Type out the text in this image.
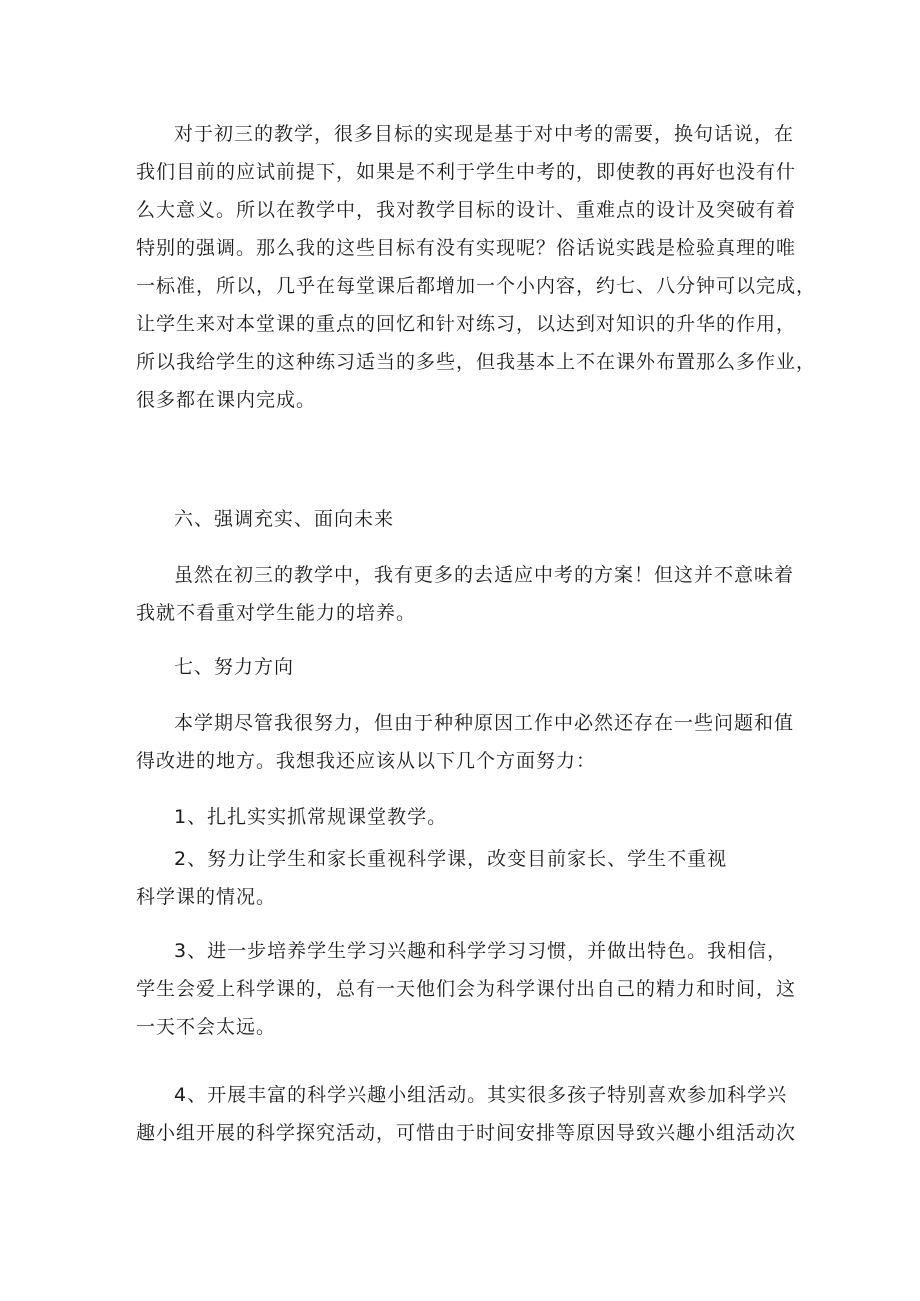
对于初三的教学，很多目标的实现是基于对中考的需要，换句话说，在
我们目前的应试前提下，如果是不利于学生中考的，即使教的再好也没有什
么大意义。所以在教学中，我对教学目标的设计、重难点的设计及突破有着
特别的强调。那么我的这些目标有没有实现呢？俗话说实践是检验真理的唯
一标准，所以，几乎在每堂课后都增加一个小内容，约七、八分钟可以完成，
让学生来对本堂课的重点的回忆和针对练习，以达到对知识的升华的作用，
所以我给学生的这种练习适当的多些，但我基本上不在课外布置那么多作业，
很多都在课内完成。

六、强调充实、面向未来

虽然在初三的教学中，我有更多的去适应中考的方案！但这并不意味着
我就不看重对学生能力的培养。

七、努力方向

本学期尽管我很努力，但由于种种原因工作中必然还存在一些问题和值
得改进的地方。我想我还应该从以下几个方面努力：

1、扎扎实实抓常规课堂教学。

2、努力让学生和家长重视科学课，改变目前家长、学生不重视
科学课的情况。

3、进一步培养学生学习兴趣和科学学习习惯，并做出特色。我相信，
学生会爱上科学课的，总有一天他们会为科学课付出自己的精力和时间，这
一天不会太远。

4、开展丰富的科学兴趣小组活动。其实很多孩子特别喜欢参加科学兴
趣小组开展的科学探究活动，可惜由于时间安排等原因导致兴趣小组活动次
